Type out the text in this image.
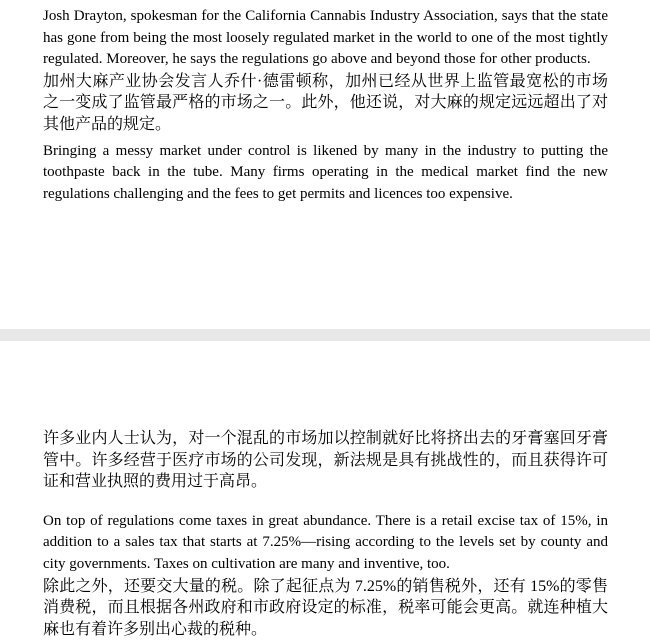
Josh Drayton, spokesman for the California Cannabis Industry Association, says that the state has gone from being the most loosely regulated market in the world to one of the most tightly regulated. Moreover, he says the regulations go above and beyond those for other products.

加州大麻产业协会发言人乔什·德雷顿称，加州已经从世界上监管最宽松的市场之一变成了监管最严格的市场之一。此外，他还说，对大麻的规定远远超出了对其他产品的规定。

Bringing a messy market under control is likened by many in the industry to putting the toothpaste back in the tube. Many firms operating in the medical market find the new regulations challenging and the fees to get permits and licences too expensive.

许多业内人士认为，对一个混乱的市场加以控制就好比将挤出去的牙膏塞回牙膏管中。许多经营于医疗市场的公司发现，新法规是具有挑战性的，而且获得许可证和营业执照的费用过于高昂。

On top of regulations come taxes in great abundance. There is a retail excise tax of 15%, in addition to a sales tax that starts at 7.25%—rising according to the levels set by county and city governments. Taxes on cultivation are many and inventive, too.

除此之外，还要交大量的税。除了起征点为 7.25%的销售税外，还有 15%的零售消费税，而且根据各州政府和市政府设定的标准，税率可能会更高。就连种植大麻也有着许多别出心裁的税种。
